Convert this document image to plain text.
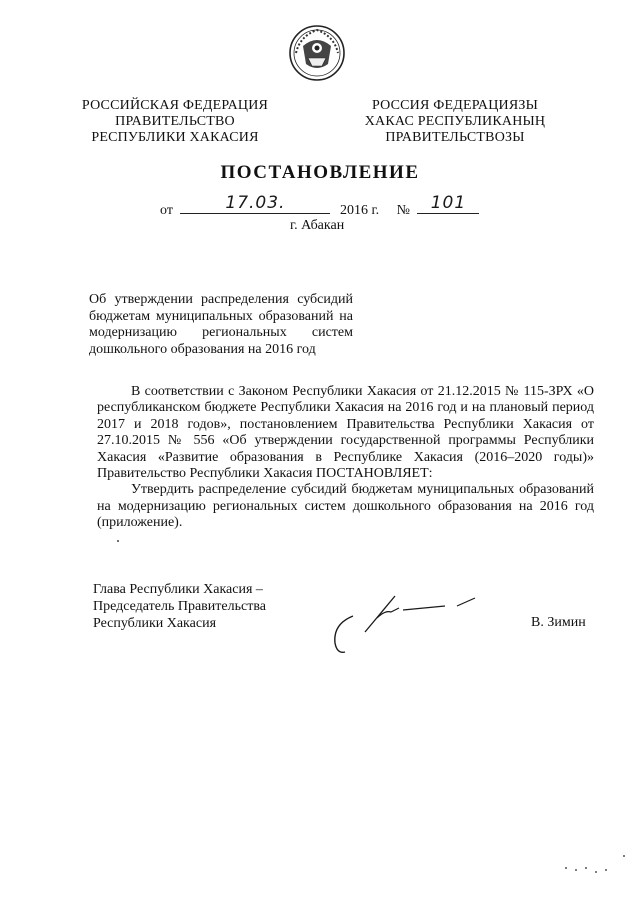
РОССИЙСКАЯ ФЕДЕРАЦИЯ
ПРАВИТЕЛЬСТВО
РЕСПУБЛИКИ ХАКАСИЯ
РОССИЯ ФЕДЕРАЦИЯЗЫ
ХАКАС РЕСПУБЛИКАНЫҢ
ПРАВИТЕЛЬСТВОЗЫ
ПОСТАНОВЛЕНИЕ
от	17.03.	2016 г. №	101
г. Абакан
Об утверждении распределения субсидий
бюджетам муниципальных образований на
модернизацию региональных систем
дошкольного образования на 2016 год

В соответствии с Законом Республики Хакасия от 21.12.2015 № 115-ЗРХ «О республиканском бюджете Республики Хакасия на 2016 год и на плановый период 2017 и 2018 годов», постановлением Правительства Республики Хакасия от 27.10.2015 № 556 «Об утверждении государственной программы Республики Хакасия «Развитие образования в Республике Хакасия (2016–2020 годы)» Правительство Республики Хакасия ПОСТАНОВЛЯЕТ:

Утвердить распределение субсидий бюджетам муниципальных образований на модернизацию региональных систем дошкольного образования на 2016 год (приложение).

Глава Республики Хакасия –
Председатель Правительства
Республики Хакасия	В. Зимин
